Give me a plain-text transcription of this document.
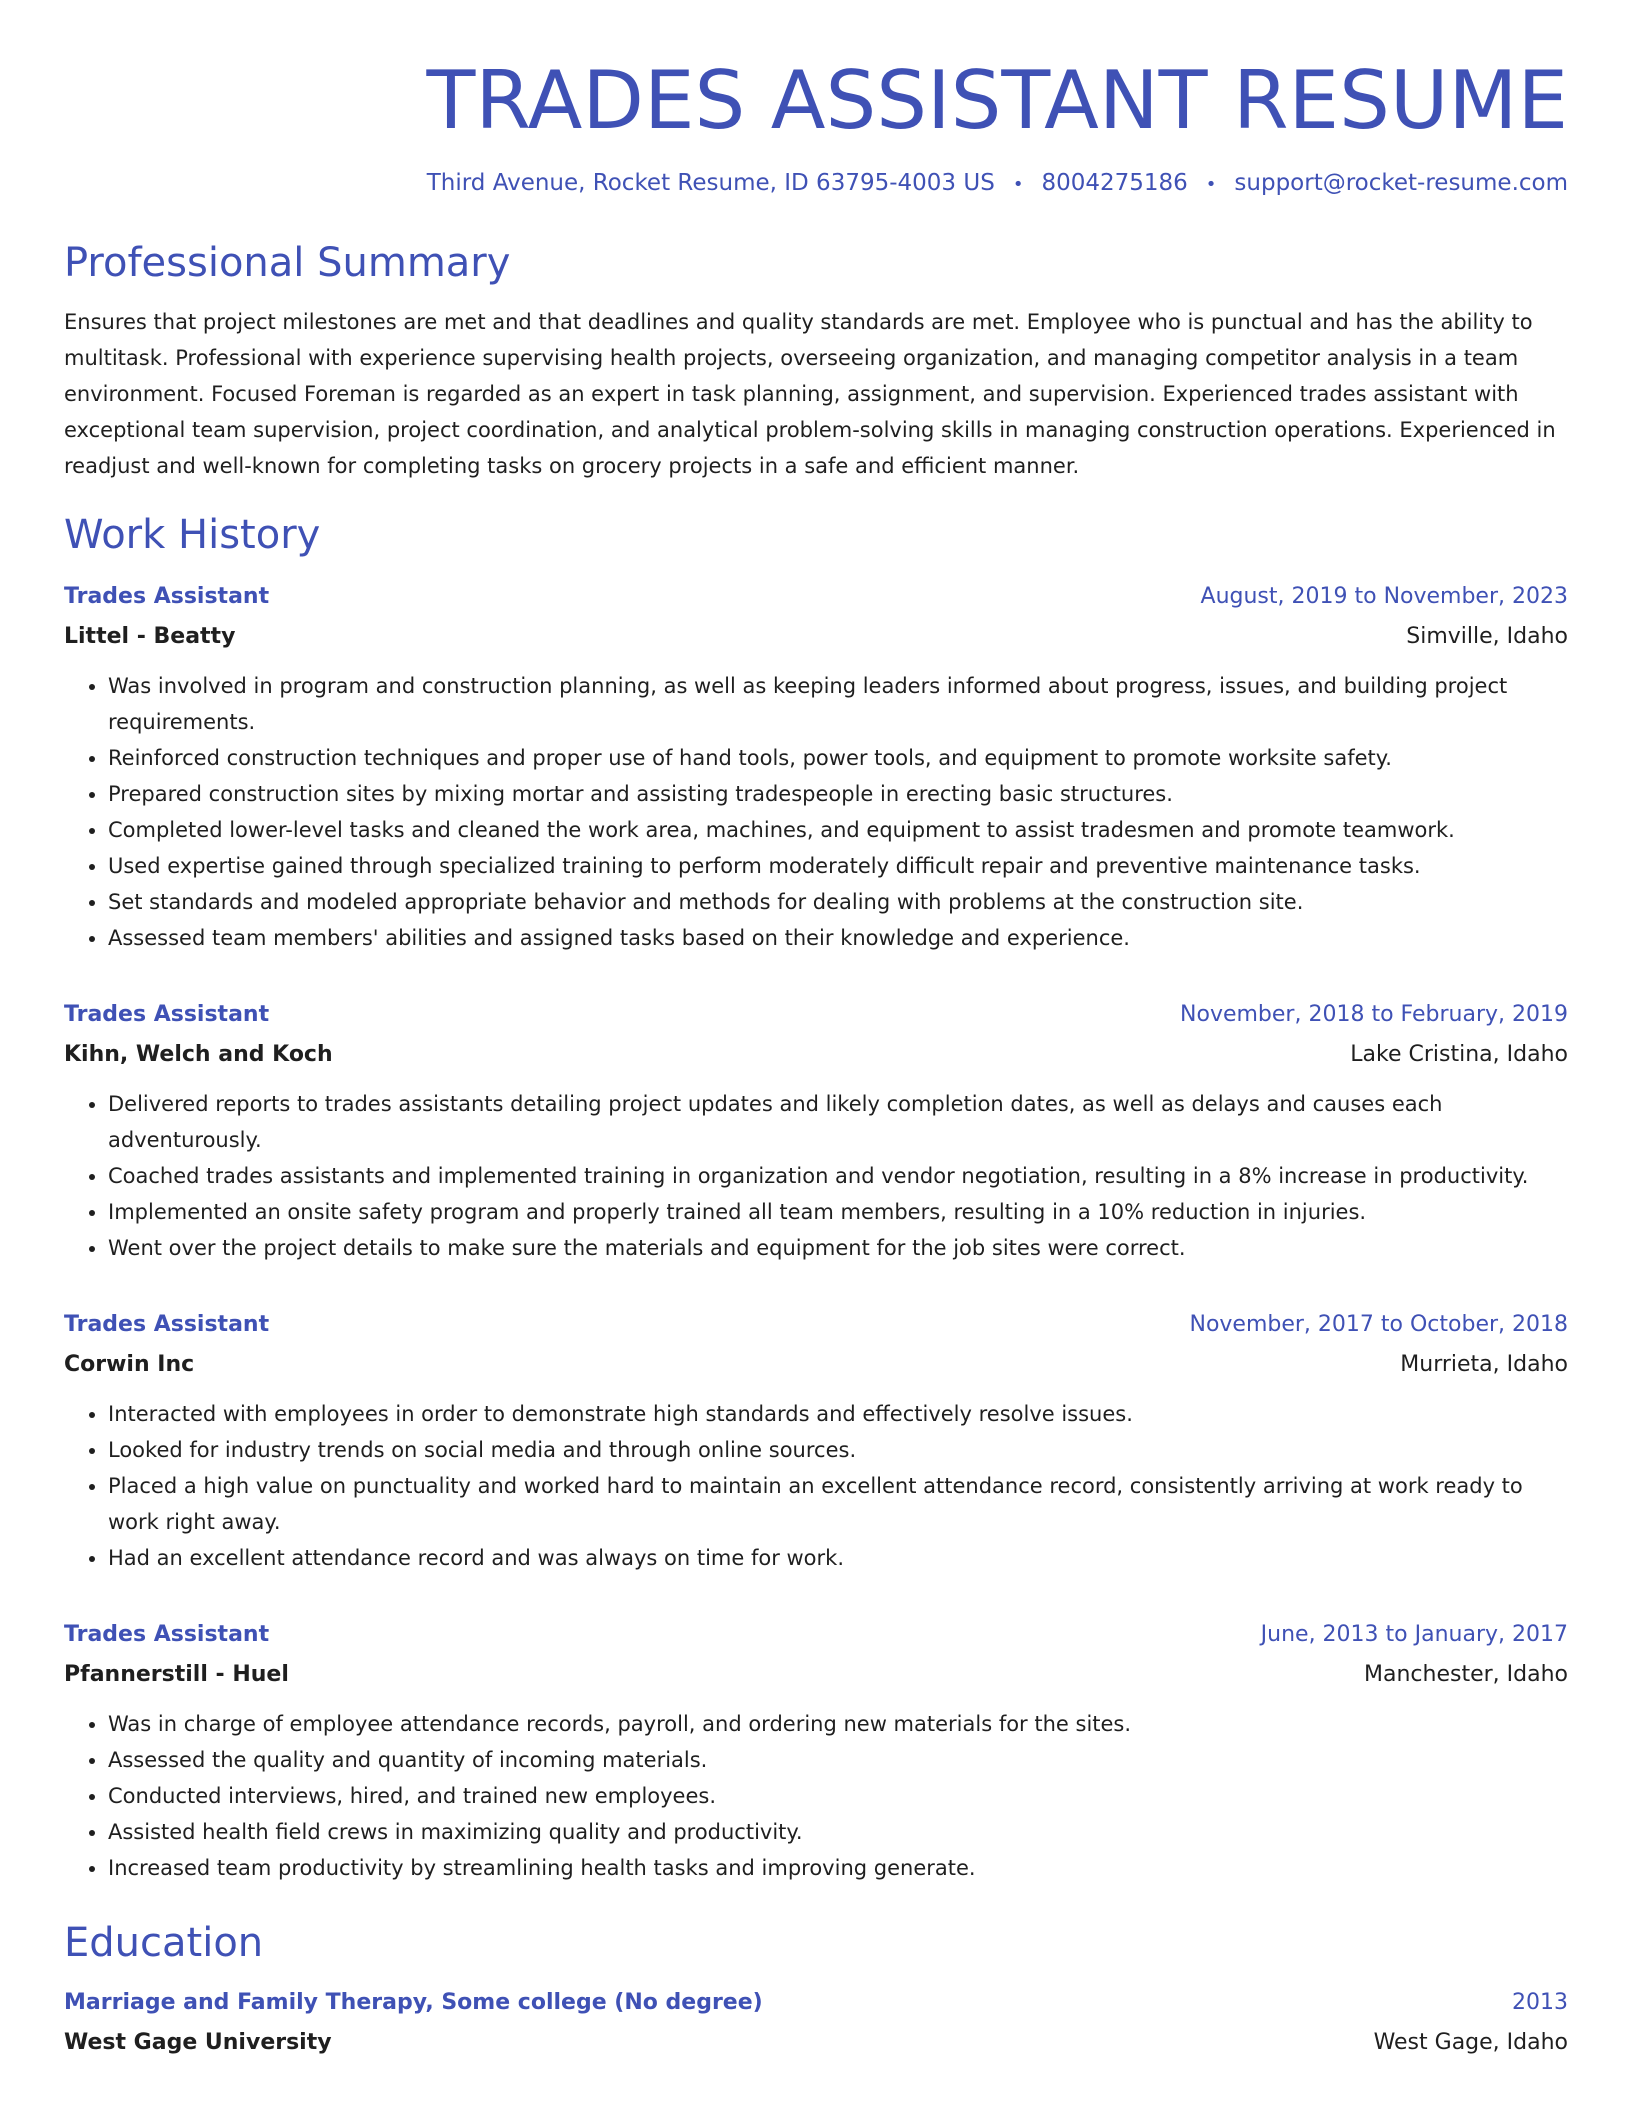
TRADES ASSISTANT RESUME
Third Avenue, Rocket Resume, ID 63795-4003 US • 8004275186 • support@rocket-resume.com
Professional Summary
Ensures that project milestones are met and that deadlines and quality standards are met. Employee who is punctual and has the ability to multitask. Professional with experience supervising health projects, overseeing organization, and managing competitor analysis in a team environment. Focused Foreman is regarded as an expert in task planning, assignment, and supervision. Experienced trades assistant with exceptional team supervision, project coordination, and analytical problem-solving skills in managing construction operations. Experienced in readjust and well-known for completing tasks on grocery projects in a safe and efficient manner.
Work History
Trades Assistant	August, 2019 to November, 2023
Littel - Beatty	Simville, Idaho
• Was involved in program and construction planning, as well as keeping leaders informed about progress, issues, and building project requirements.
• Reinforced construction techniques and proper use of hand tools, power tools, and equipment to promote worksite safety.
• Prepared construction sites by mixing mortar and assisting tradespeople in erecting basic structures.
• Completed lower-level tasks and cleaned the work area, machines, and equipment to assist tradesmen and promote teamwork.
• Used expertise gained through specialized training to perform moderately difficult repair and preventive maintenance tasks.
• Set standards and modeled appropriate behavior and methods for dealing with problems at the construction site.
• Assessed team members' abilities and assigned tasks based on their knowledge and experience.
Trades Assistant	November, 2018 to February, 2019
Kihn, Welch and Koch	Lake Cristina, Idaho
• Delivered reports to trades assistants detailing project updates and likely completion dates, as well as delays and causes each adventurously.
• Coached trades assistants and implemented training in organization and vendor negotiation, resulting in a 8% increase in productivity.
• Implemented an onsite safety program and properly trained all team members, resulting in a 10% reduction in injuries.
• Went over the project details to make sure the materials and equipment for the job sites were correct.
Trades Assistant	November, 2017 to October, 2018
Corwin Inc	Murrieta, Idaho
• Interacted with employees in order to demonstrate high standards and effectively resolve issues.
• Looked for industry trends on social media and through online sources.
• Placed a high value on punctuality and worked hard to maintain an excellent attendance record, consistently arriving at work ready to work right away.
• Had an excellent attendance record and was always on time for work.
Trades Assistant	June, 2013 to January, 2017
Pfannerstill - Huel	Manchester, Idaho
• Was in charge of employee attendance records, payroll, and ordering new materials for the sites.
• Assessed the quality and quantity of incoming materials.
• Conducted interviews, hired, and trained new employees.
• Assisted health field crews in maximizing quality and productivity.
• Increased team productivity by streamlining health tasks and improving generate.
Education
Marriage and Family Therapy, Some college (No degree)	2013
West Gage University	West Gage, Idaho
